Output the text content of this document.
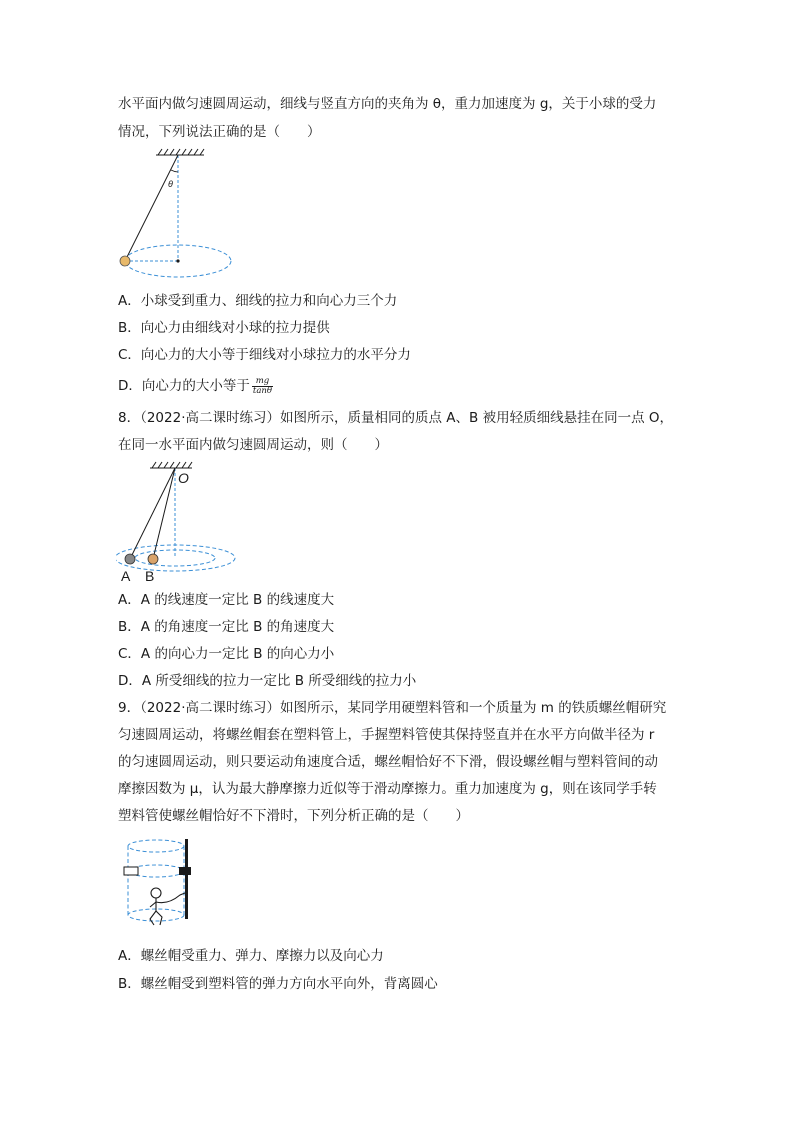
水平面内做匀速圆周运动，细线与竖直方向的夹角为 θ，重力加速度为 g，关于小球的受力
情况，下列说法正确的是（　　）
θ
A．小球受到重力、细线的拉力和向心力三个力
B．向心力由细线对小球的拉力提供
C．向心力的大小等于细线对小球拉力的水平分力
D．向心力的大小等于 $\frac{mg}{\tan\theta}$
8．（2022·高二课时练习）如图所示，质量相同的质点 A、B 被用轻质细线悬挂在同一点 O，
在同一水平面内做匀速圆周运动，则（　　）
O
A B
A．A 的线速度一定比 B 的线速度大
B．A 的角速度一定比 B 的角速度大
C．A 的向心力一定比 B 的向心力小
D．A 所受细线的拉力一定比 B 所受细线的拉力小
9．（2022·高二课时练习）如图所示，某同学用硬塑料管和一个质量为 m 的铁质螺丝帽研究
匀速圆周运动，将螺丝帽套在塑料管上，手握塑料管使其保持竖直并在水平方向做半径为 r
的匀速圆周运动，则只要运动角速度合适，螺丝帽恰好不下滑，假设螺丝帽与塑料管间的动
摩擦因数为 μ，认为最大静摩擦力近似等于滑动摩擦力。重力加速度为 g，则在该同学手转
塑料管使螺丝帽恰好不下滑时，下列分析正确的是（　　）
A．螺丝帽受重力、弹力、摩擦力以及向心力
B．螺丝帽受到塑料管的弹力方向水平向外，背离圆心
